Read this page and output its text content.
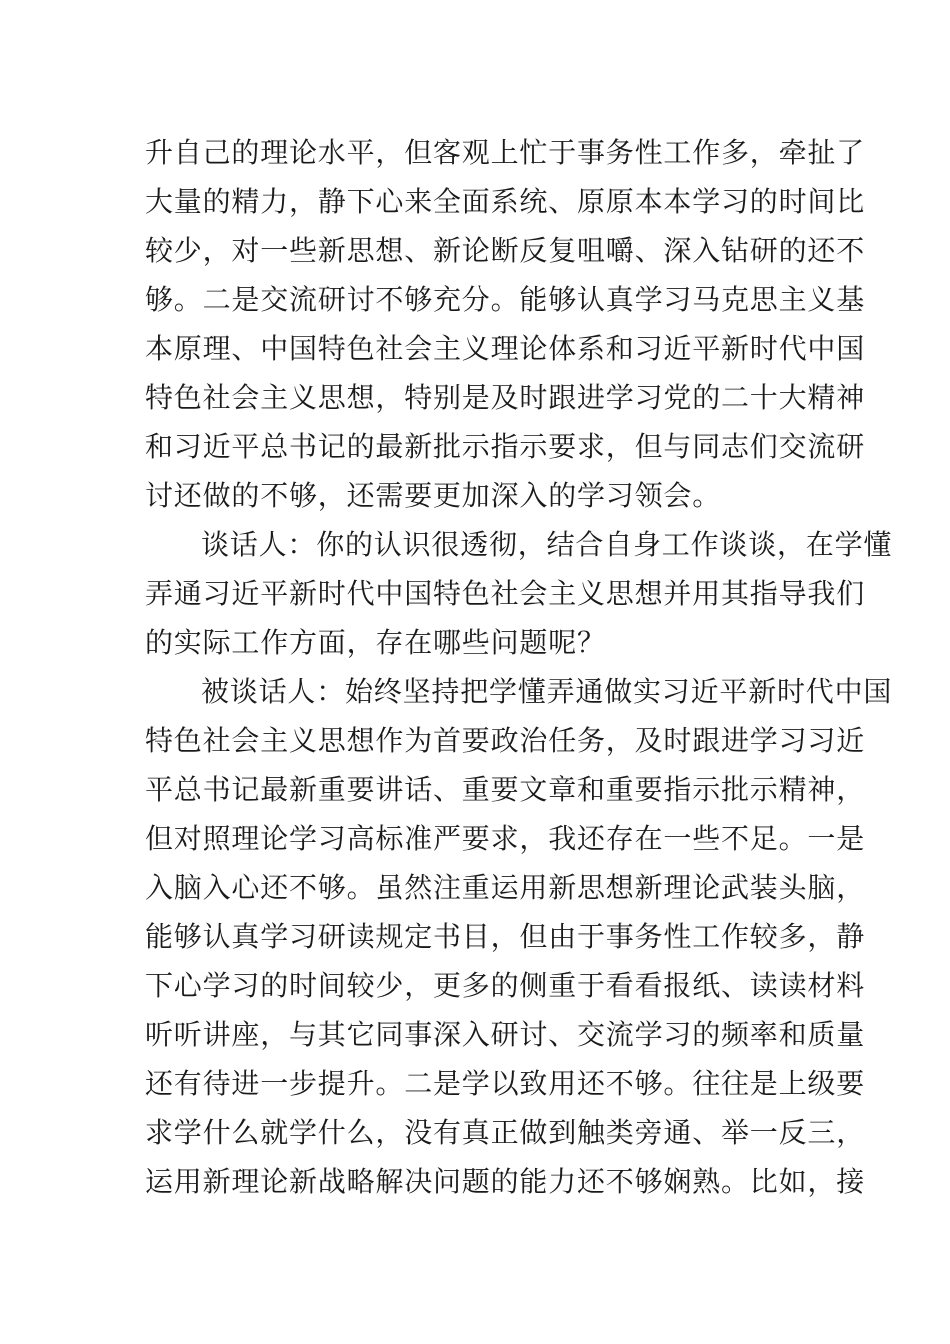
升自己的理论水平，但客观上忙于事务性工作多，牵扯了
大量的精力，静下心来全面系统、原原本本学习的时间比
较少，对一些新思想、新论断反复咀嚼、深入钻研的还不
够。二是交流研讨不够充分。能够认真学习马克思主义基
本原理、中国特色社会主义理论体系和习近平新时代中国
特色社会主义思想，特别是及时跟进学习党的二十大精神
和习近平总书记的最新批示指示要求，但与同志们交流研
讨还做的不够，还需要更加深入的学习领会。
谈话人：你的认识很透彻，结合自身工作谈谈，在学懂
弄通习近平新时代中国特色社会主义思想并用其指导我们
的实际工作方面，存在哪些问题呢？
被谈话人：始终坚持把学懂弄通做实习近平新时代中国
特色社会主义思想作为首要政治任务，及时跟进学习习近
平总书记最新重要讲话、重要文章和重要指示批示精神，
但对照理论学习高标准严要求，我还存在一些不足。一是
入脑入心还不够。虽然注重运用新思想新理论武装头脑，
能够认真学习研读规定书目，但由于事务性工作较多，静
下心学习的时间较少，更多的侧重于看看报纸、读读材料
听听讲座，与其它同事深入研讨、交流学习的频率和质量
还有待进一步提升。二是学以致用还不够。往往是上级要
求学什么就学什么，没有真正做到触类旁通、举一反三，
运用新理论新战略解决问题的能力还不够娴熟。比如，接
